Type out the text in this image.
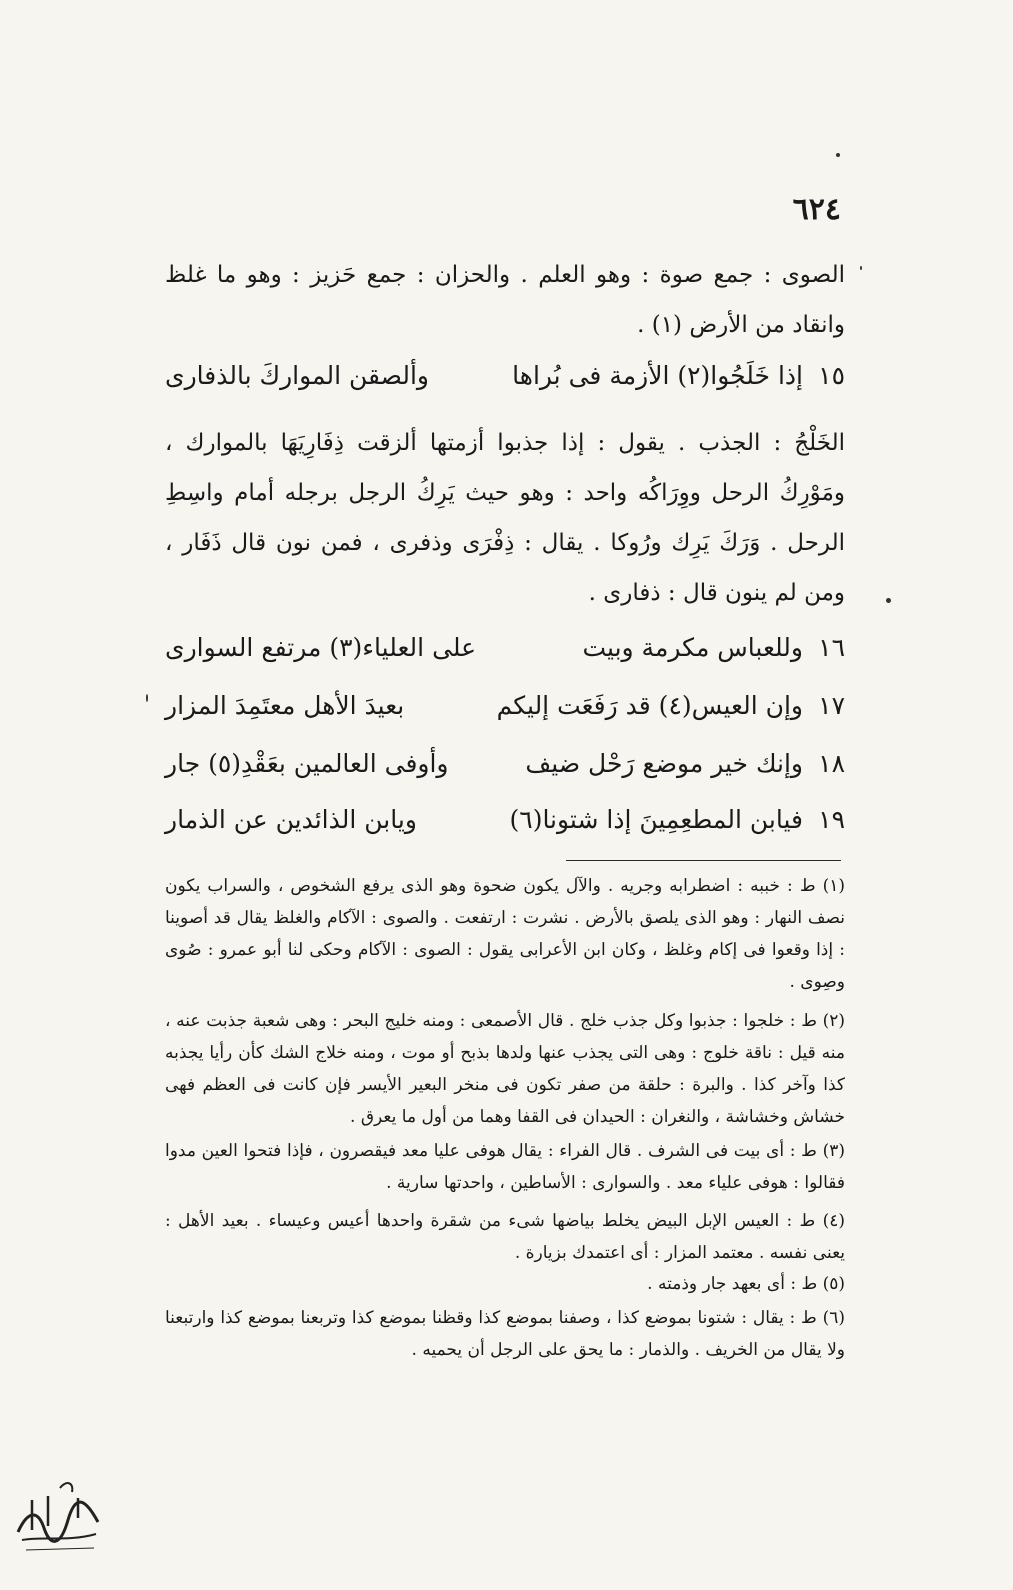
٦٢٤
الصوى : جمع صوة : وهو العلم . والحزان : جمع حَزيز : وهو ما غلظ وانقاد من الأرض (١) .
١٥
إذا خَلَجُوا(٢) الأزمة فى بُراها
وألصقن المواركَ بالذفارى
الخَلْجُ : الجذب . يقول : إذا جذبوا أزمتها ألزقت ذِفَارِيَهَا بالموارك ، ومَوْرِكُ الرحل ووِرَاكُه واحد : وهو حيث يَرِكُ الرجل برجله أمام واسِطِ الرحل . وَرَكَ يَرِك ورُوكا . يقال : ذِفْرَى وذفرى ، فمن نون قال ذَفَار ، ومن لم ينون قال : ذفارى .
١٦
وللعباس مكرمة وبيت
على العلياء(٣) مرتفع السوارى
١٧
وإن العيس(٤) قد رَفَعَت إليكم
بعيدَ الأهل معتَمِدَ المزار
١٨
وإنك خير موضع رَحْل ضيف
وأوفى العالمين بعَقْدِ(٥) جار
١٩
فيابن المطعِمِينَ إذا شتونا(٦)
ويابن الذائدين عن الذمار
(١) ط : خببه : اضطرابه وجريه . والآل يكون ضحوة وهو الذى يرفع الشخوص ، والسراب يكون نصف النهار : وهو الذى يلصق بالأرض . نشرت : ارتفعت . والصوى : الآكام والغلظ يقال قد أصوينا : إذا وقعوا فى إكام وغلظ ، وكان ابن الأعرابى يقول : الصوى : الآكام وحكى لنا أبو عمرو : صُوى وصِوى .
(٢) ط : خلجوا : جذبوا وكل جذب خلج . قال الأصمعى : ومنه خليج البحر : وهى شعبة جذبت عنه ، منه قيل : ناقة خلوج : وهى التى يجذب عنها ولدها بذبح أو موت ، ومنه خلاج الشك كأن رأيا يجذبه كذا وآخر كذا . والبرة : حلقة من صفر تكون فى منخر البعير الأيسر فإن كانت فى العظم فهى خشاش وخشاشة ، والنغران : الحيدان فى القفا وهما من أول ما يعرق .
(٣) ط : أى بيت فى الشرف . قال الفراء : يقال هوفى عليا معد فيقصرون ، فإذا فتحوا العين مدوا فقالوا : هوفى علياء معد . والسوارى : الأساطين ، واحدتها سارية .
(٤) ط : العيس الإبل البيض يخلط بياضها شىء من شقرة واحدها أعيس وعيساء . بعيد الأهل : يعنى نفسه . معتمد المزار : أى اعتمدك بزيارة .
(٥) ط : أى بعهد جار وذمته .
(٦) ط : يقال : شتونا بموضع كذا ، وصفنا بموضع كذا وقظنا بموضع كذا وتربعنا بموضع كذا وارتبعنا ولا يقال من الخريف . والذمار : ما يحق على الرجل أن يحميه .
